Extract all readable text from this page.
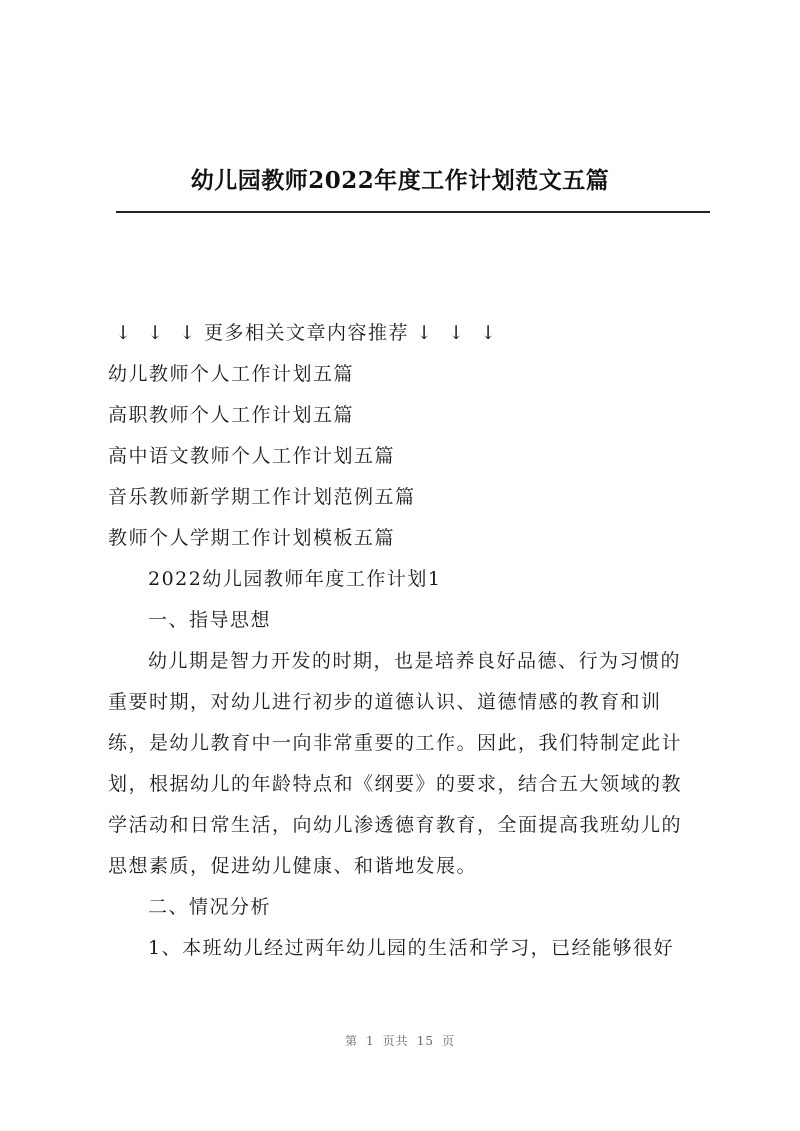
幼儿园教师2022年度工作计划范文五篇
↓ ↓ ↓ 更多相关文章内容推荐 ↓ ↓ ↓
幼儿教师个人工作计划五篇
高职教师个人工作计划五篇
高中语文教师个人工作计划五篇
音乐教师新学期工作计划范例五篇
教师个人学期工作计划模板五篇
2022幼儿园教师年度工作计划1
一、指导思想
幼儿期是智力开发的时期，也是培养良好品德、行为习惯的
重要时期，对幼儿进行初步的道德认识、道德情感的教育和训
练，是幼儿教育中一向非常重要的工作。因此，我们特制定此计
划，根据幼儿的年龄特点和《纲要》的要求，结合五大领域的教
学活动和日常生活，向幼儿渗透德育教育，全面提高我班幼儿的
思想素质，促进幼儿健康、和谐地发展。
二、情况分析
1、本班幼儿经过两年幼儿园的生活和学习，已经能够很好
第 1 页共 15 页
